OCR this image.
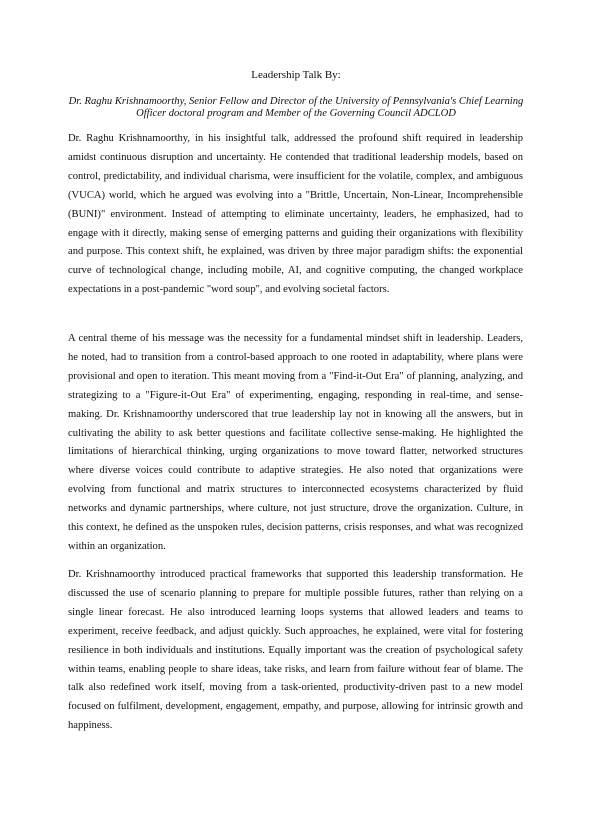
Leadership Talk By:
Dr. Raghu Krishnamoorthy, Senior Fellow and Director of the University of Pennsylvania's Chief Learning Officer doctoral program and Member of the Governing Council ADCLOD

Dr. Raghu Krishnamoorthy, in his insightful talk, addressed the profound shift required in leadership amidst continuous disruption and uncertainty. He contended that traditional leadership models, based on control, predictability, and individual charisma, were insufficient for the volatile, complex, and ambiguous (VUCA) world, which he argued was evolving into a "Brittle, Uncertain, Non-Linear, Incomprehensible (BUNI)" environment. Instead of attempting to eliminate uncertainty, leaders, he emphasized, had to engage with it directly, making sense of emerging patterns and guiding their organizations with flexibility and purpose. This context shift, he explained, was driven by three major paradigm shifts: the exponential curve of technological change, including mobile, AI, and cognitive computing, the changed workplace expectations in a post-pandemic "word soup", and evolving societal factors.

A central theme of his message was the necessity for a fundamental mindset shift in leadership. Leaders, he noted, had to transition from a control-based approach to one rooted in adaptability, where plans were provisional and open to iteration. This meant moving from a "Find-it-Out Era" of planning, analyzing, and strategizing to a "Figure-it-Out Era" of experimenting, engaging, responding in real-time, and sense-making. Dr. Krishnamoorthy underscored that true leadership lay not in knowing all the answers, but in cultivating the ability to ask better questions and facilitate collective sense-making. He highlighted the limitations of hierarchical thinking, urging organizations to move toward flatter, networked structures where diverse voices could contribute to adaptive strategies. He also noted that organizations were evolving from functional and matrix structures to interconnected ecosystems characterized by fluid networks and dynamic partnerships, where culture, not just structure, drove the organization. Culture, in this context, he defined as the unspoken rules, decision patterns, crisis responses, and what was recognized within an organization.

Dr. Krishnamoorthy introduced practical frameworks that supported this leadership transformation. He discussed the use of scenario planning to prepare for multiple possible futures, rather than relying on a single linear forecast. He also introduced learning loops systems that allowed leaders and teams to experiment, receive feedback, and adjust quickly. Such approaches, he explained, were vital for fostering resilience in both individuals and institutions. Equally important was the creation of psychological safety within teams, enabling people to share ideas, take risks, and learn from failure without fear of blame. The talk also redefined work itself, moving from a task-oriented, productivity-driven past to a new model focused on fulfilment, development, engagement, empathy, and purpose, allowing for intrinsic growth and happiness.
